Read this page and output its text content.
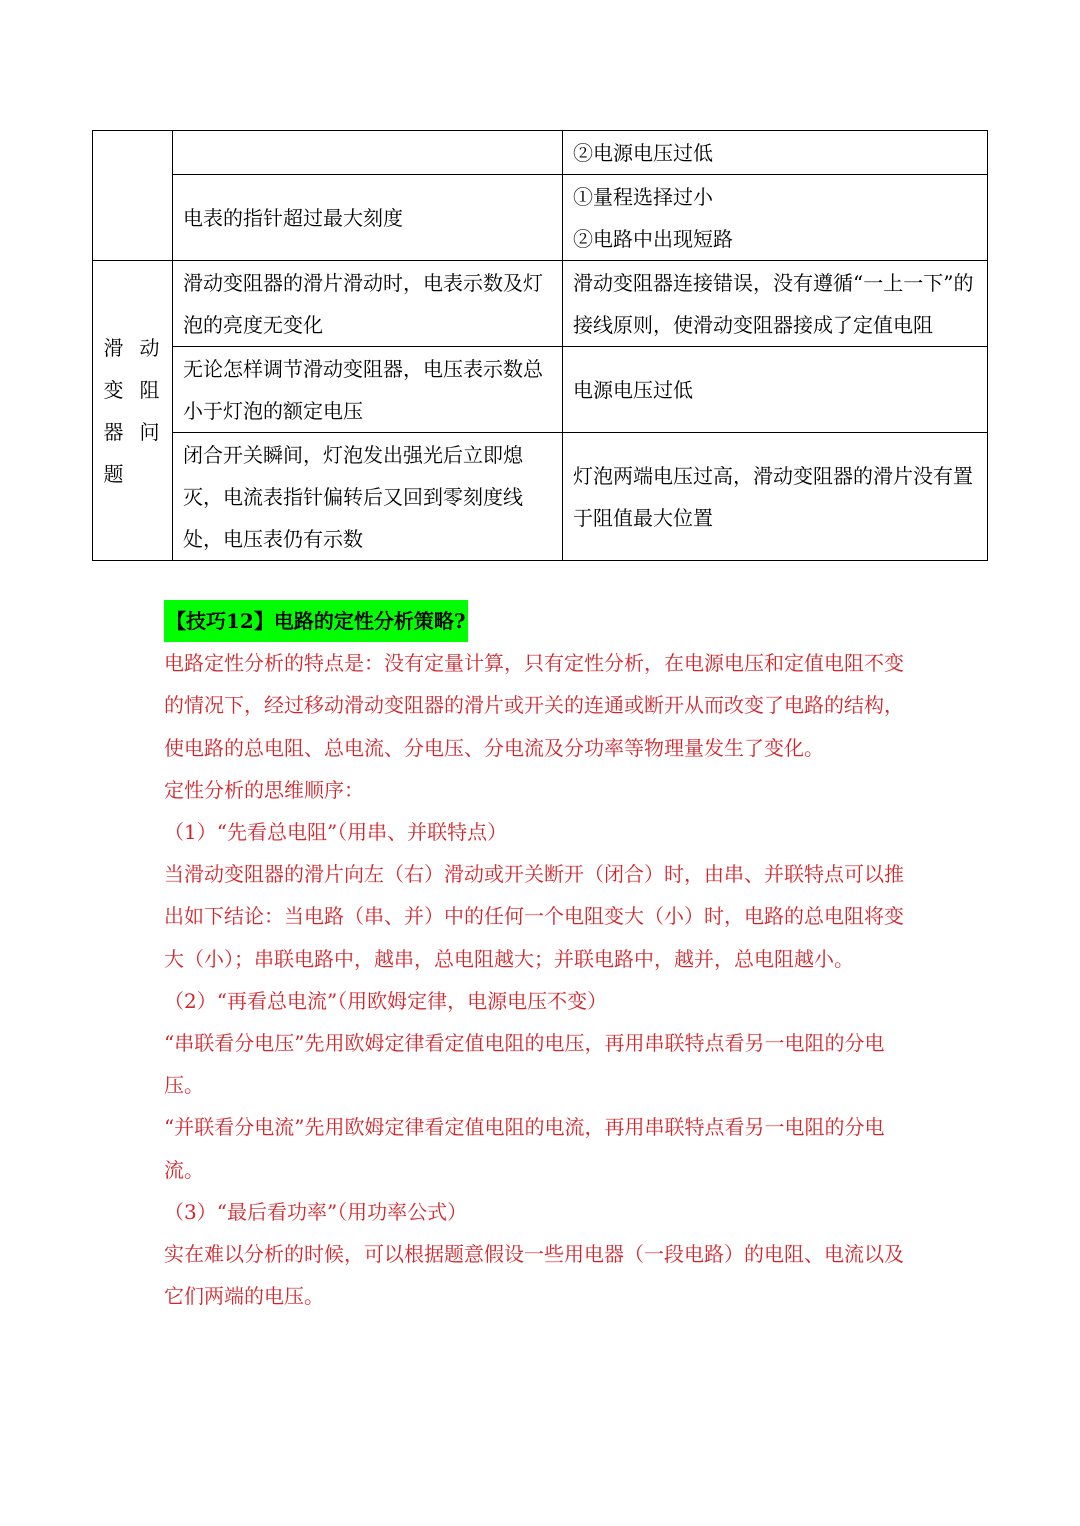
		②电源电压过低

	电表的指针超过最大刻度	①量程选择过小
②电路中出现短路

滑动变阻器问题	滑动变阻器的滑片滑动时，电表示数及灯泡的亮度无变化	滑动变阻器连接错误，没有遵循“一上一下”的接线原则，使滑动变阻器接成了定值电阻

	无论怎样调节滑动变阻器，电压表示数总小于灯泡的额定电压	电源电压过低

	闭合开关瞬间，灯泡发出强光后立即熄灭，电流表指针偏转后又回到零刻度线处，电压表仍有示数	灯泡两端电压过高，滑动变阻器的滑片没有置于阻值最大位置
【技巧12】电路的定性分析策略?

电路定性分析的特点是：没有定量计算，只有定性分析，在电源电压和定值电阻不变的情况下，经过移动滑动变阻器的滑片或开关的连通或断开从而改变了电路的结构，使电路的总电阻、总电流、分电压、分电流及分功率等物理量发生了变化。

定性分析的思维顺序：

（1）“先看总电阻”（用串、并联特点）

当滑动变阻器的滑片向左（右）滑动或开关断开（闭合）时，由串、并联特点可以推出如下结论：当电路（串、并）中的任何一个电阻变大（小）时，电路的总电阻将变大（小）；串联电路中，越串，总电阻越大；并联电路中，越并，总电阻越小。

（2）“再看总电流”（用欧姆定律，电源电压不变）

“串联看分电压”先用欧姆定律看定值电阻的电压，再用串联特点看另一电阻的分电压。

“并联看分电流”先用欧姆定律看定值电阻的电流，再用串联特点看另一电阻的分电流。

（3）“最后看功率”（用功率公式）

实在难以分析的时候，可以根据题意假设一些用电器（一段电路）的电阻、电流以及它们两端的电压。
